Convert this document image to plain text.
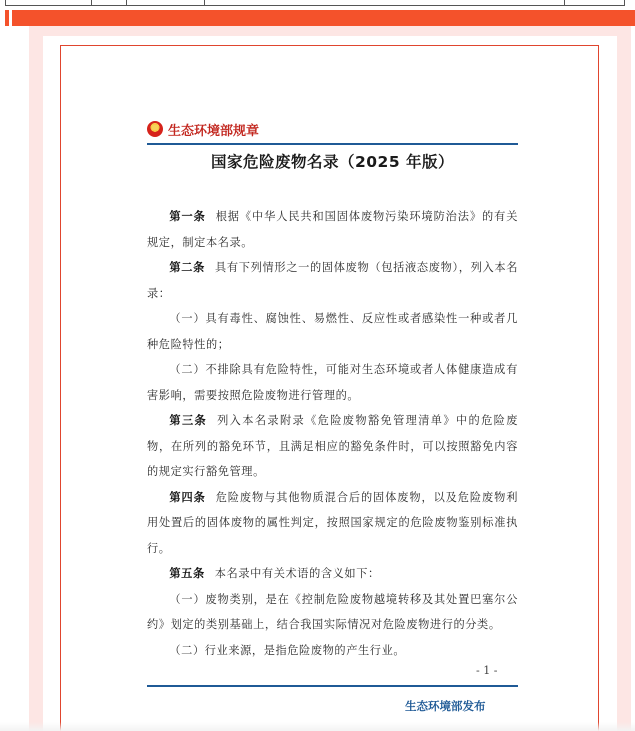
生态环境部规章
国家危险废物名录（2025 年版）

第一条 根据《中华人民共和国固体废物污染环境防治法》的有关规定，制定本名录。

第二条 具有下列情形之一的固体废物（包括液态废物），列入本名录：

（一）具有毒性、腐蚀性、易燃性、反应性或者感染性一种或者几种危险特性的；

（二）不排除具有危险特性，可能对生态环境或者人体健康造成有害影响，需要按照危险废物进行管理的。

第三条 列入本名录附录《危险废物豁免管理清单》中的危险废物，在所列的豁免环节，且满足相应的豁免条件时，可以按照豁免内容的规定实行豁免管理。

第四条 危险废物与其他物质混合后的固体废物，以及危险废物利用处置后的固体废物的属性判定，按照国家规定的危险废物鉴别标准执行。

第五条 本名录中有关术语的含义如下：

（一）废物类别，是在《控制危险废物越境转移及其处置巴塞尔公约》划定的类别基础上，结合我国实际情况对危险废物进行的分类。

（二）行业来源，是指危险废物的产生行业。

- 1 -
生态环境部发布
